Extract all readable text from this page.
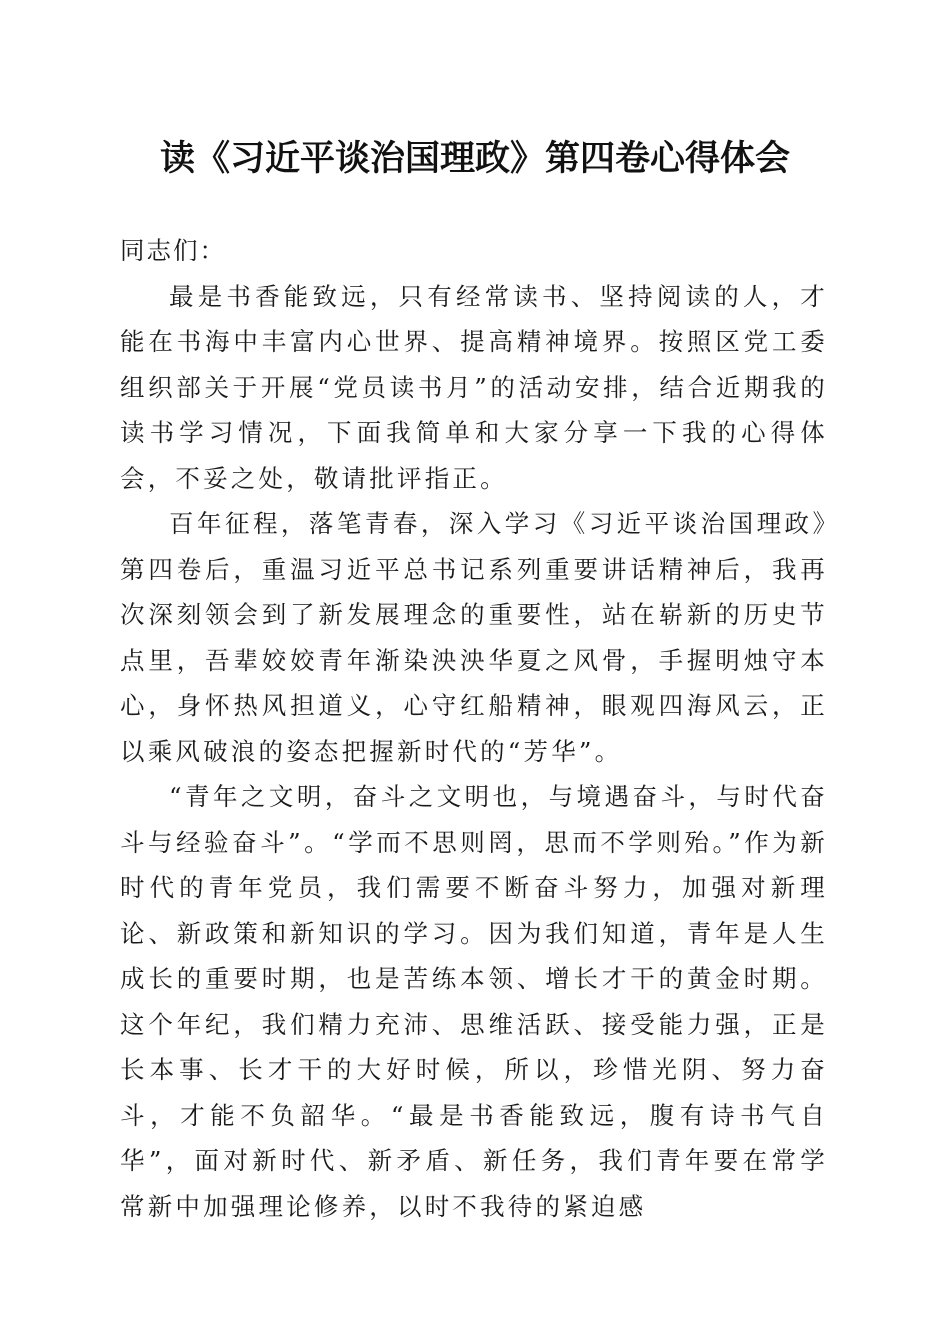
读《习近平谈治国理政》第四卷心得体会

同志们：

最是书香能致远，只有经常读书、坚持阅读的人，才能在书海中丰富内心世界、提高精神境界。按照区党工委组织部关于开展“党员读书月”的活动安排，结合近期我的读书学习情况，下面我简单和大家分享一下我的心得体会，不妥之处，敬请批评指正。

百年征程，落笔青春，深入学习《习近平谈治国理政》第四卷后，重温习近平总书记系列重要讲话精神后，我再次深刻领会到了新发展理念的重要性，站在崭新的历史节点里，吾辈姣姣青年渐染泱泱华夏之风骨，手握明烛守本心，身怀热风担道义，心守红船精神，眼观四海风云，正以乘风破浪的姿态把握新时代的“芳华”。

“青年之文明，奋斗之文明也，与境遇奋斗，与时代奋斗与经验奋斗”。“学而不思则罔，思而不学则殆。”作为新时代的青年党员，我们需要不断奋斗努力，加强对新理论、新政策和新知识的学习。因为我们知道，青年是人生成长的重要时期，也是苦练本领、增长才干的黄金时期。这个年纪，我们精力充沛、思维活跃、接受能力强，正是长本事、长才干的大好时候，所以，珍惜光阴、努力奋斗，才能不负韶华。“最是书香能致远，腹有诗书气自华”，面对新时代、新矛盾、新任务，我们青年要在常学常新中加强理论修养，以时不我待的紧迫感
